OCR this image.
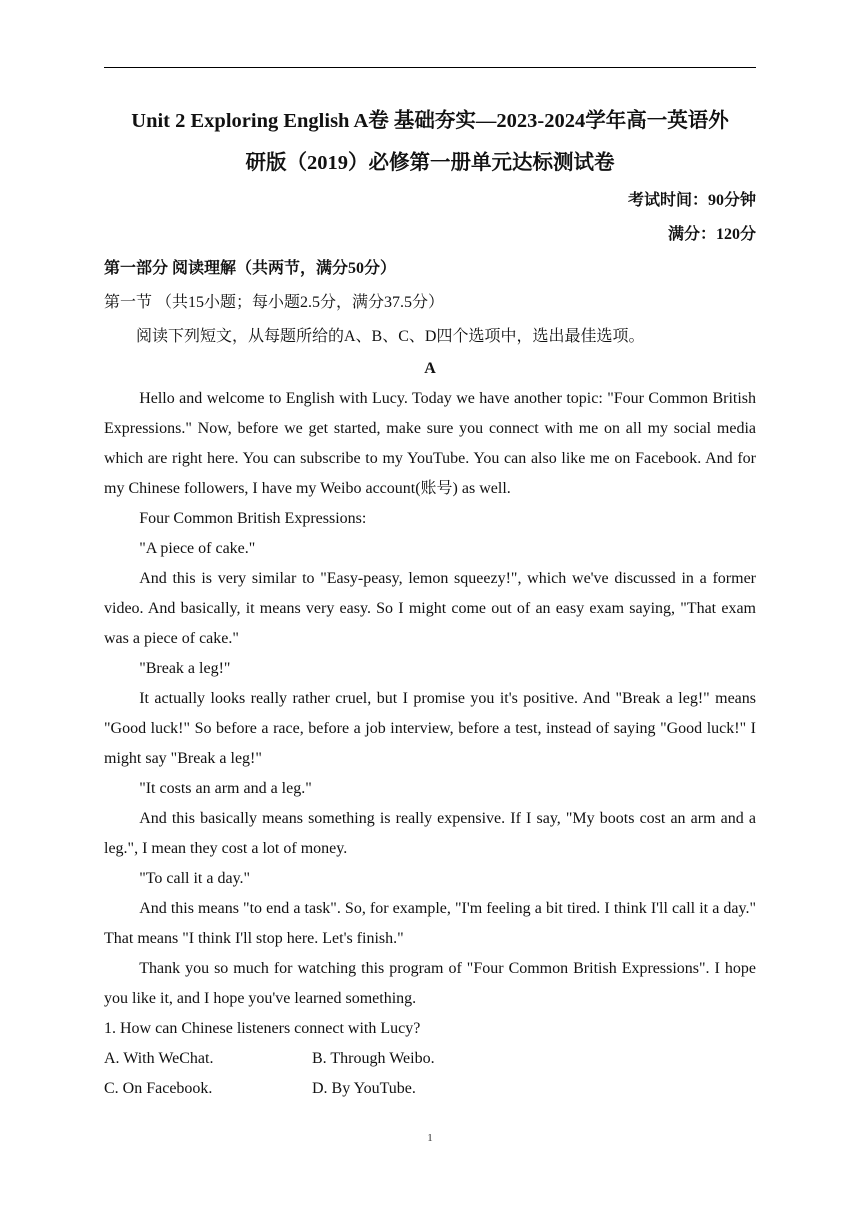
Unit 2 Exploring English A卷 基础夯实—2023-2024学年高一英语外
研版（2019）必修第一册单元达标测试卷
考试时间：90分钟
满分：120分
第一部分 阅读理解（共两节，满分50分）
第一节 （共15小题；每小题2.5分，满分37.5分）
阅读下列短文，从每题所给的A、B、C、D四个选项中，选出最佳选项。
A

Hello and welcome to English with Lucy. Today we have another topic: "Four Common British Expressions." Now, before we get started, make sure you connect with me on all my social media which are right here. You can subscribe to my YouTube. You can also like me on Facebook. And for my Chinese followers, I have my Weibo account(账号) as well.

Four Common British Expressions:

"A piece of cake."

And this is very similar to "Easy-peasy, lemon squeezy!", which we've discussed in a former video. And basically, it means very easy. So I might come out of an easy exam saying, "That exam was a piece of cake."

"Break a leg!"

It actually looks really rather cruel, but I promise you it's positive. And "Break a leg!" means "Good luck!" So before a race, before a job interview, before a test, instead of saying "Good luck!" I might say "Break a leg!"

"It costs an arm and a leg."

And this basically means something is really expensive. If I say, "My boots cost an arm and a leg.", I mean they cost a lot of money.

"To call it a day."

And this means "to end a task". So, for example, "I'm feeling a bit tired. I think I'll call it a day." That means "I think I'll stop here. Let's finish."

Thank you so much for watching this program of "Four Common British Expressions". I hope you like it, and I hope you've learned something.

1. How can Chinese listeners connect with Lucy?
A. With WeChat.	B. Through Weibo.
C. On Facebook.	D. By YouTube.
1
